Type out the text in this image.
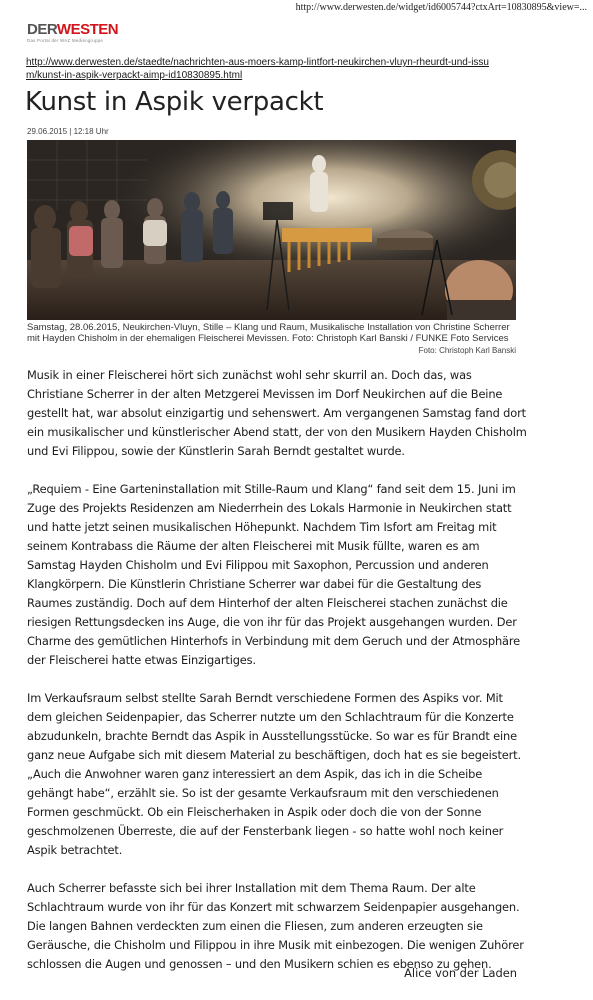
http://www.derwesten.de/widget/id6005744?ctxArt=10830895&view=...
DERWESTEN
Das Portal der WAZ Mediengruppe
http://www.derwesten.de/staedte/nachrichten-aus-moers-kamp-lintfort-neukirchen-vluyn-rheurdt-und-issum/kunst-in-aspik-verpackt-aimp-id10830895.html
Kunst in Aspik verpackt
29.06.2015 | 12:18 Uhr
Samstag, 28.06.2015, Neukirchen-Vluyn, Stille – Klang und Raum, Musikalische Installation von Christine Scherrer mit Hayden Chisholm in der ehemaligen Fleischerei Mevissen. Foto: Christoph Karl Banski / FUNKE Foto Services
Foto: Christoph Karl Banski

Musik in einer Fleischerei hört sich zunächst wohl sehr skurril an. Doch das, was Christiane Scherrer in der alten Metzgerei Mevissen im Dorf Neukirchen auf die Beine gestellt hat, war absolut einzigartig und sehenswert. Am vergangenen Samstag fand dort ein musikalischer und künstlerischer Abend statt, der von den Musikern Hayden Chisholm und Evi Filippou, sowie der Künstlerin Sarah Berndt gestaltet wurde.

„Requiem - Eine Garteninstallation mit Stille-Raum und Klang“ fand seit dem 15. Juni im Zuge des Projekts Residenzen am Niederrhein des Lokals Harmonie in Neukirchen statt und hatte jetzt seinen musikalischen Höhepunkt. Nachdem Tim Isfort am Freitag mit seinem Kontrabass die Räume der alten Fleischerei mit Musik füllte, waren es am Samstag Hayden Chisholm und Evi Filippou mit Saxophon, Percussion und anderen Klangkörpern. Die Künstlerin Christiane Scherrer war dabei für die Gestaltung des Raumes zuständig. Doch auf dem Hinterhof der alten Fleischerei stachen zunächst die riesigen Rettungsdecken ins Auge, die von ihr für das Projekt ausgehangen wurden. Der Charme des gemütlichen Hinterhofs in Verbindung mit dem Geruch und der Atmosphäre der Fleischerei hatte etwas Einzigartiges.

Im Verkaufsraum selbst stellte Sarah Berndt verschiedene Formen des Aspiks vor. Mit dem gleichen Seidenpapier, das Scherrer nutzte um den Schlachtraum für die Konzerte abzudunkeln, brachte Berndt das Aspik in Ausstellungsstücke. So war es für Brandt eine ganz neue Aufgabe sich mit diesem Material zu beschäftigen, doch hat es sie begeistert. „Auch die Anwohner waren ganz interessiert an dem Aspik, das ich in die Scheibe gehängt habe“, erzählt sie. So ist der gesamte Verkaufsraum mit den verschiedenen Formen geschmückt. Ob ein Fleischerhaken in Aspik oder doch die von der Sonne geschmolzenen Überreste, die auf der Fensterbank liegen - so hatte wohl noch keiner Aspik betrachtet.

Auch Scherrer befasste sich bei ihrer Installation mit dem Thema Raum. Der alte Schlachtraum wurde von ihr für das Konzert mit schwarzem Seidenpapier ausgehangen. Die langen Bahnen verdeckten zum einen die Fliesen, zum anderen erzeugten sie Geräusche, die Chisholm und Filippou in ihre Musik mit einbezogen. Die wenigen Zuhörer schlossen die Augen und genossen – und den Musikern schien es ebenso zu gehen.

Alice von der Laden
